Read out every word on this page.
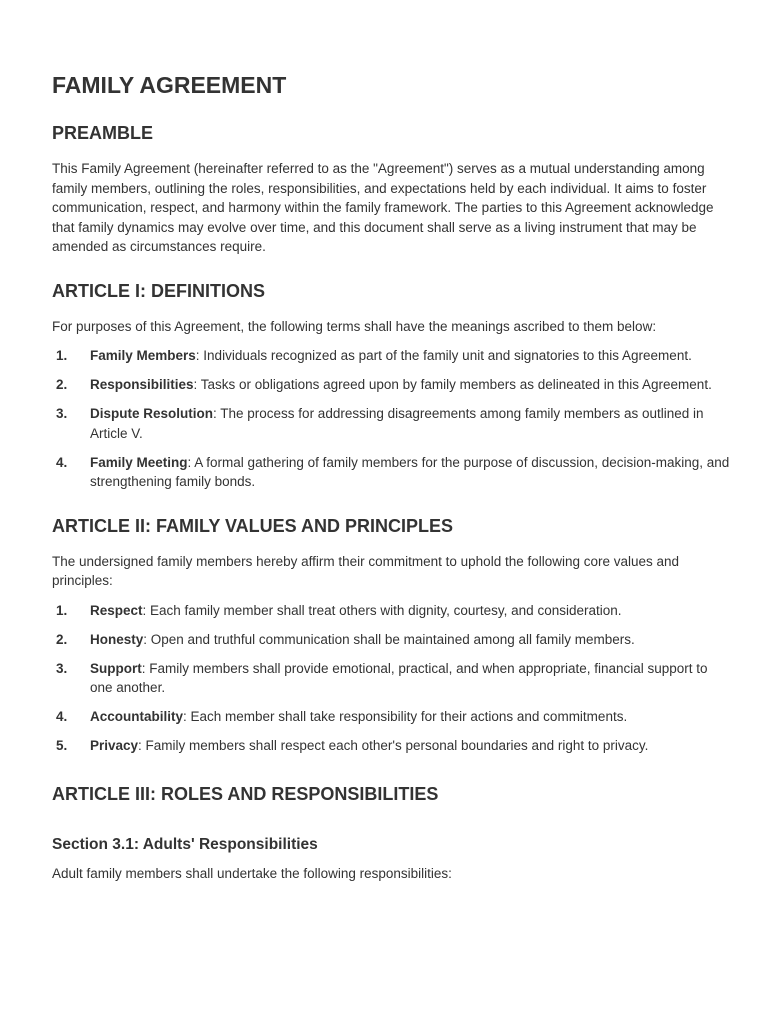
FAMILY AGREEMENT
PREAMBLE

This Family Agreement (hereinafter referred to as the "Agreement") serves as a mutual understanding among family members, outlining the roles, responsibilities, and expectations held by each individual. It aims to foster communication, respect, and harmony within the family framework. The parties to this Agreement acknowledge that family dynamics may evolve over time, and this document shall serve as a living instrument that may be amended as circumstances require.

ARTICLE I: DEFINITIONS

For purposes of this Agreement, the following terms shall have the meanings ascribed to them below:

1. Family Members: Individuals recognized as part of the family unit and signatories to this Agreement.
2. Responsibilities: Tasks or obligations agreed upon by family members as delineated in this Agreement.
3. Dispute Resolution: The process for addressing disagreements among family members as outlined in Article V.
4. Family Meeting: A formal gathering of family members for the purpose of discussion, decision-making, and strengthening family bonds.
ARTICLE II: FAMILY VALUES AND PRINCIPLES

The undersigned family members hereby affirm their commitment to uphold the following core values and principles:

1. Respect: Each family member shall treat others with dignity, courtesy, and consideration.
2. Honesty: Open and truthful communication shall be maintained among all family members.
3. Support: Family members shall provide emotional, practical, and when appropriate, financial support to one another.
4. Accountability: Each member shall take responsibility for their actions and commitments.
5. Privacy: Family members shall respect each other's personal boundaries and right to privacy.
ARTICLE III: ROLES AND RESPONSIBILITIES
Section 3.1: Adults' Responsibilities

Adult family members shall undertake the following responsibilities:
